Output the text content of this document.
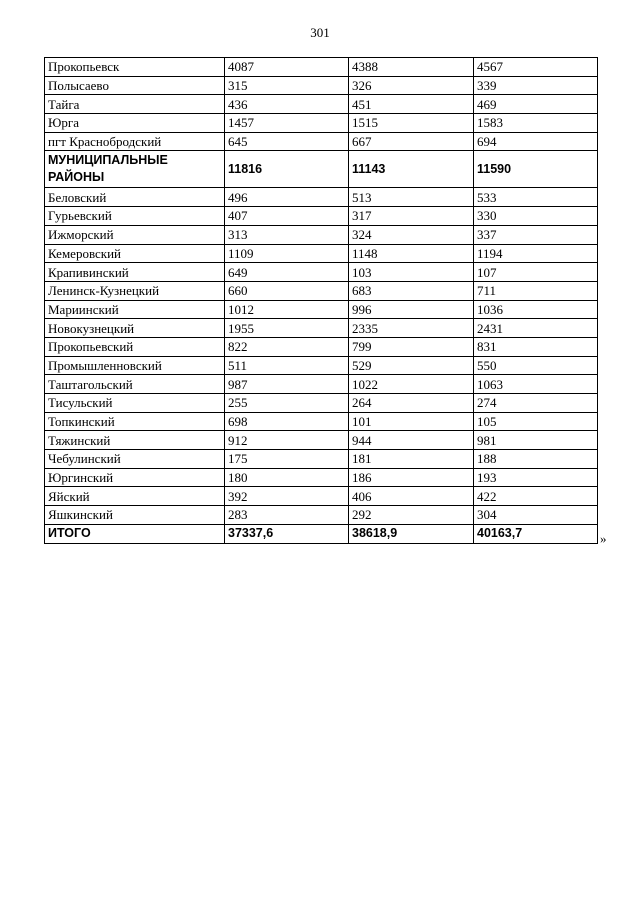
301
Прокопьевск	4087	4388	4567
Полысаево	315	326	339
Тайга	436	451	469
Юрга	1457	1515	1583
пгт Краснобродский	645	667	694
МУНИЦИПАЛЬНЫЕ РАЙОНЫ	11816	11143	11590
Беловский	496	513	533
Гурьевский	407	317	330
Ижморский	313	324	337
Кемеровский	1109	1148	1194
Крапивинский	649	103	107
Ленинск-Кузнецкий	660	683	711
Мариинский	1012	996	1036
Новокузнецкий	1955	2335	2431
Прокопьевский	822	799	831
Промышленновский	511	529	550
Таштагольский	987	1022	1063
Тисульский	255	264	274
Топкинский	698	101	105
Тяжинский	912	944	981
Чебулинский	175	181	188
Юргинский	180	186	193
Яйский	392	406	422
Яшкинский	283	292	304
ИТОГО	37337,6	38618,9	40163,7	»
